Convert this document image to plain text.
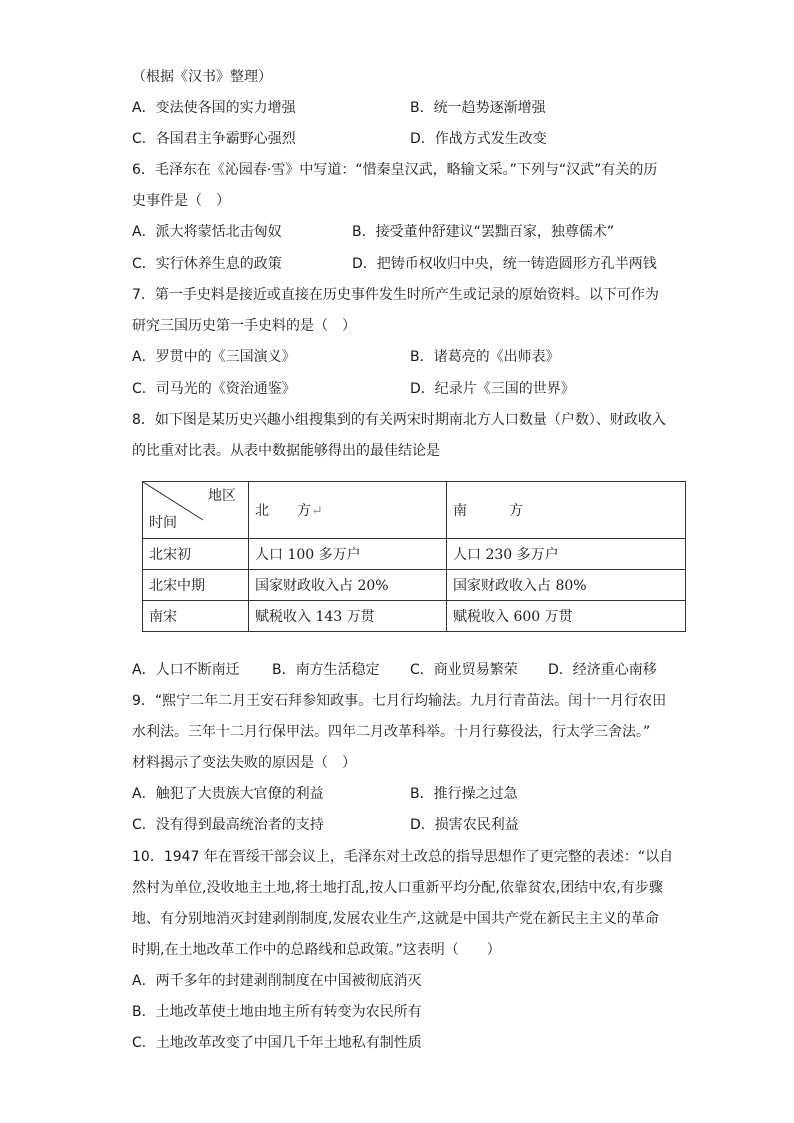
（根据《汉书》整理）
A．变法使各国的实力增强	B．统一趋势逐渐增强
C．各国君主争霸野心强烈	D．作战方式发生改变
6．毛泽东在《沁园春·雪》中写道：“惜秦皇汉武，略输文采。”下列与“汉武”有关的历
史事件是（　）
A．派大将蒙恬北击匈奴	B．接受董仲舒建议“罢黜百家，独尊儒术”
C．实行休养生息的政策	D．把铸币权收归中央，统一铸造圆形方孔半两钱
7．第一手史料是接近或直接在历史事件发生时所产生或记录的原始资料。以下可作为
研究三国历史第一手史料的是（　）
A．罗贯中的《三国演义》	B．诸葛亮的《出师表》
C．司马光的《资治通鉴》	D．纪录片《三国的世界》
8．如下图是某历史兴趣小组搜集到的有关两宋时期南北方人口数量（户数）、财政收入
的比重对比表。从表中数据能够得出的最佳结论是
地区
时间	北　　方↵	南　　　方
北宋初	人口 100 多万户	人口 230 多万户
北宋中期	国家财政收入占 20%	国家财政收入占 80%
南宋	赋税收入 143 万贯	赋税收入 600 万贯
A．人口不断南迁 B．南方生活稳定 C．商业贸易繁荣 D．经济重心南移
9．“熙宁二年二月王安石拜参知政事。七月行均输法。九月行青苗法。闰十一月行农田
水利法。三年十二月行保甲法。四年二月改革科举。十月行募役法，行太学三舍法。”
材料揭示了变法失败的原因是（　）
A．触犯了大贵族大官僚的利益	B．推行操之过急
C．没有得到最高统治者的支持	D．损害农民利益
10．1947 年在晋绥干部会议上，毛泽东对土改总的指导思想作了更完整的表述：“以自
然村为单位,没收地主土地,将土地打乱,按人口重新平均分配,依靠贫农,团结中农,有步骤
地、有分别地消灭封建剥削制度,发展农业生产,这就是中国共产党在新民主主义的革命
时期,在土地改革工作中的总路线和总政策。”这表明（　　）
A．两千多年的封建剥削制度在中国被彻底消灭
B．土地改革使土地由地主所有转变为农民所有
C．土地改革改变了中国几千年土地私有制性质
